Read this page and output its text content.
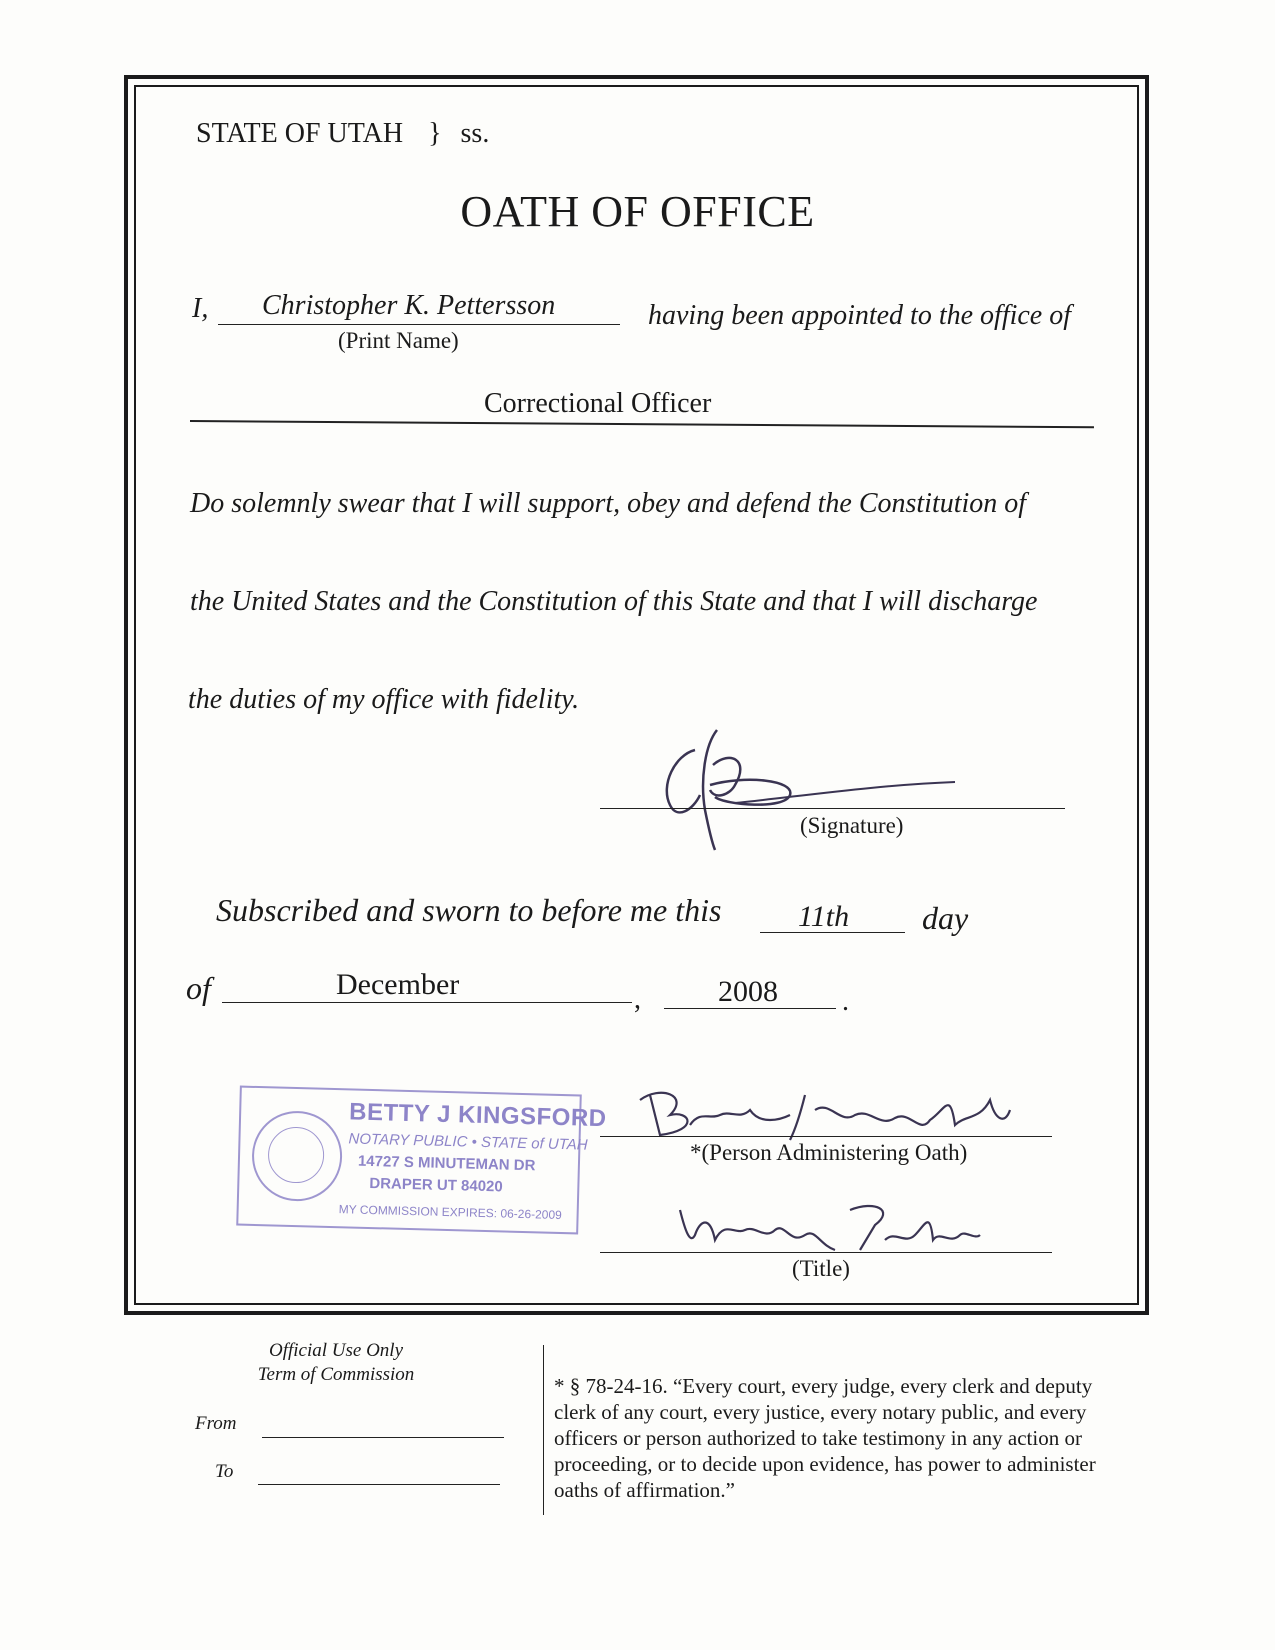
STATE OF UTAH } ss.
OATH OF OFFICE
I, Christopher K. Pettersson
(Print Name)
having been appointed to the office of
Correctional Officer
Do solemnly swear that I will support, obey and defend the Constitution of
the United States and the Constitution of this State and that I will discharge
the duties of my office with fidelity.
(Signature)
Subscribed and sworn to before me this	11th day
of	December	,	2008 .
BETTY J KINGSFORD
NOTARY PUBLIC • STATE of UTAH
14727 S MINUTEMAN DR
DRAPER UT 84020
MY COMMISSION EXPIRES: 06-26-2009
*(Person Administering Oath)
(Title)
Official Use Only
Term of Commission
From
To
* § 78-24-16. “Every court, every judge, every clerk and deputy clerk of any court, every justice, every notary public, and every officers or person authorized to take testimony in any action or proceeding, or to decide upon evidence, has power to administer oaths of affirmation.”
